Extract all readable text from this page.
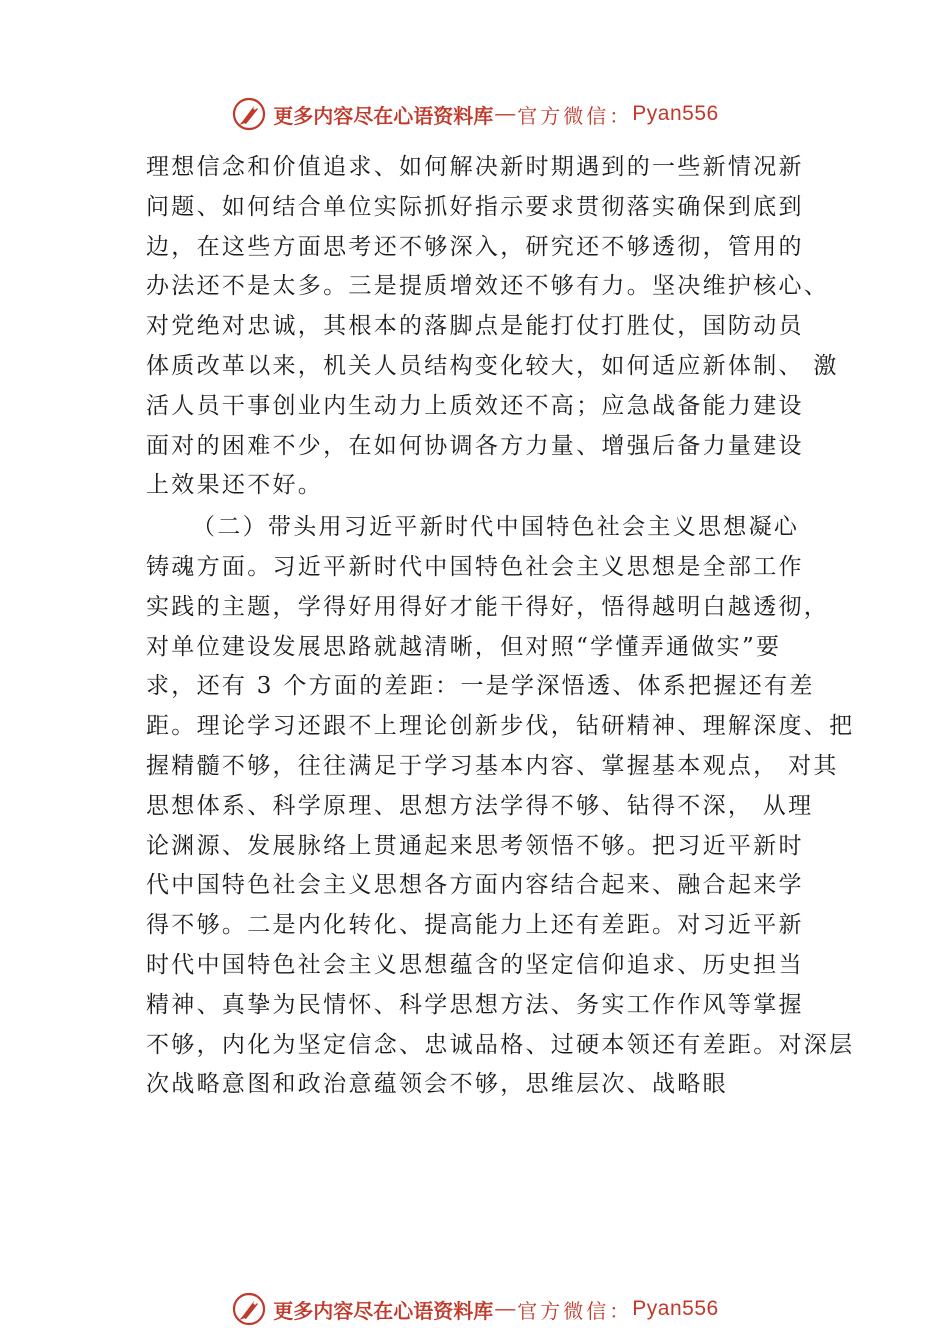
更多内容尽在心语资料库 — 官方微信： Pyan556
理想信念和价值追求、如何解决新时期遇到的一些新情况新
问题、如何结合单位实际抓好指示要求贯彻落实确保到底到
边，在这些方面思考还不够深入，研究还不够透彻，管用的
办法还不是太多。三是提质增效还不够有力。坚决维护核心、
对党绝对忠诚，其根本的落脚点是能打仗打胜仗，国防动员
体质改革以来，机关人员结构变化较大，如何适应新体制、 激
活人员干事创业内生动力上质效还不高；应急战备能力建设
面对的困难不少，在如何协调各方力量、增强后备力量建设
上效果还不好。
（二）带头用习近平新时代中国特色社会主义思想凝心
铸魂方面。习近平新时代中国特色社会主义思想是全部工作
实践的主题，学得好用得好才能干得好，悟得越明白越透彻，
对单位建设发展思路就越清晰，但对照“学懂弄通做实”要
求，还有 3 个方面的差距：一是学深悟透、体系把握还有差
距。理论学习还跟不上理论创新步伐，钻研精神、理解深度、把
握精髓不够，往往满足于学习基本内容、掌握基本观点， 对其
思想体系、科学原理、思想方法学得不够、钻得不深， 从理
论渊源、发展脉络上贯通起来思考领悟不够。把习近平新时
代中国特色社会主义思想各方面内容结合起来、融合起来学
得不够。二是内化转化、提高能力上还有差距。对习近平新
时代中国特色社会主义思想蕴含的坚定信仰追求、历史担当
精神、真挚为民情怀、科学思想方法、务实工作作风等掌握
不够，内化为坚定信念、忠诚品格、过硬本领还有差距。对深层
次战略意图和政治意蕴领会不够，思维层次、战略眼
更多内容尽在心语资料库 — 官方微信： Pyan556
